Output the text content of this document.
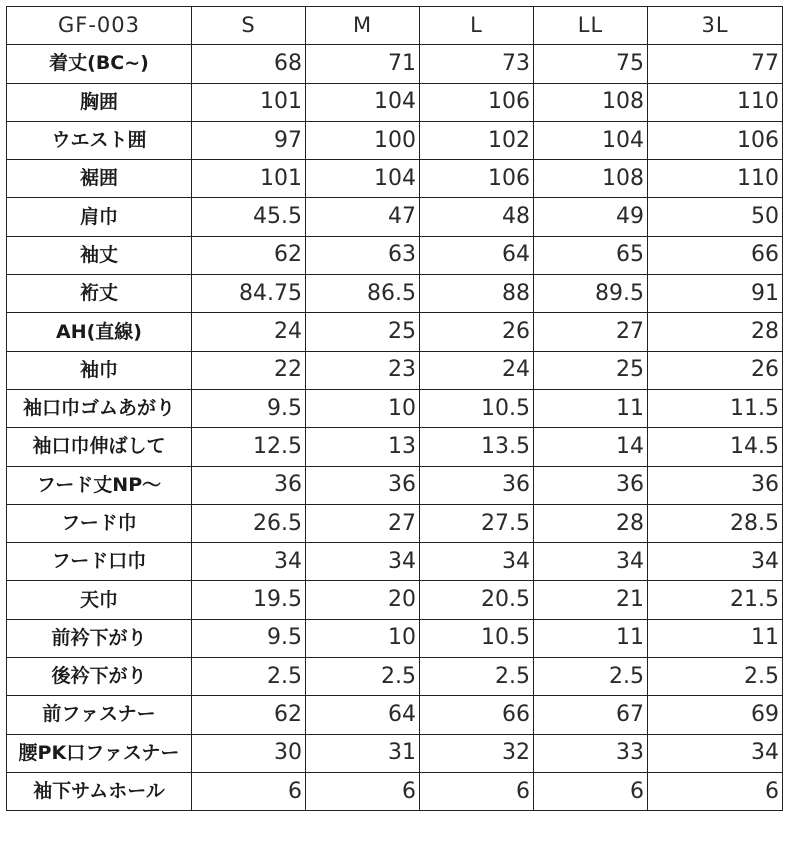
GF-003	S	M	L	LL	3L
着丈(BC~)	68	71	73	75	77
胸囲	101	104	106	108	110
ウエスト囲	97	100	102	104	106
裾囲	101	104	106	108	110
肩巾	45.5	47	48	49	50
袖丈	62	63	64	65	66
裄丈	84.75	86.5	88	89.5	91
AH(直線)	24	25	26	27	28
袖巾	22	23	24	25	26
袖口巾ゴムあがり	9.5	10	10.5	11	11.5
袖口巾伸ばして	12.5	13	13.5	14	14.5
フード丈NP～	36	36	36	36	36
フード巾	26.5	27	27.5	28	28.5
フード口巾	34	34	34	34	34
天巾	19.5	20	20.5	21	21.5
前衿下がり	9.5	10	10.5	11	11
後衿下がり	2.5	2.5	2.5	2.5	2.5
前ファスナー	62	64	66	67	69
腰PK口ファスナー	30	31	32	33	34
袖下サムホール	6	6	6	6	6
